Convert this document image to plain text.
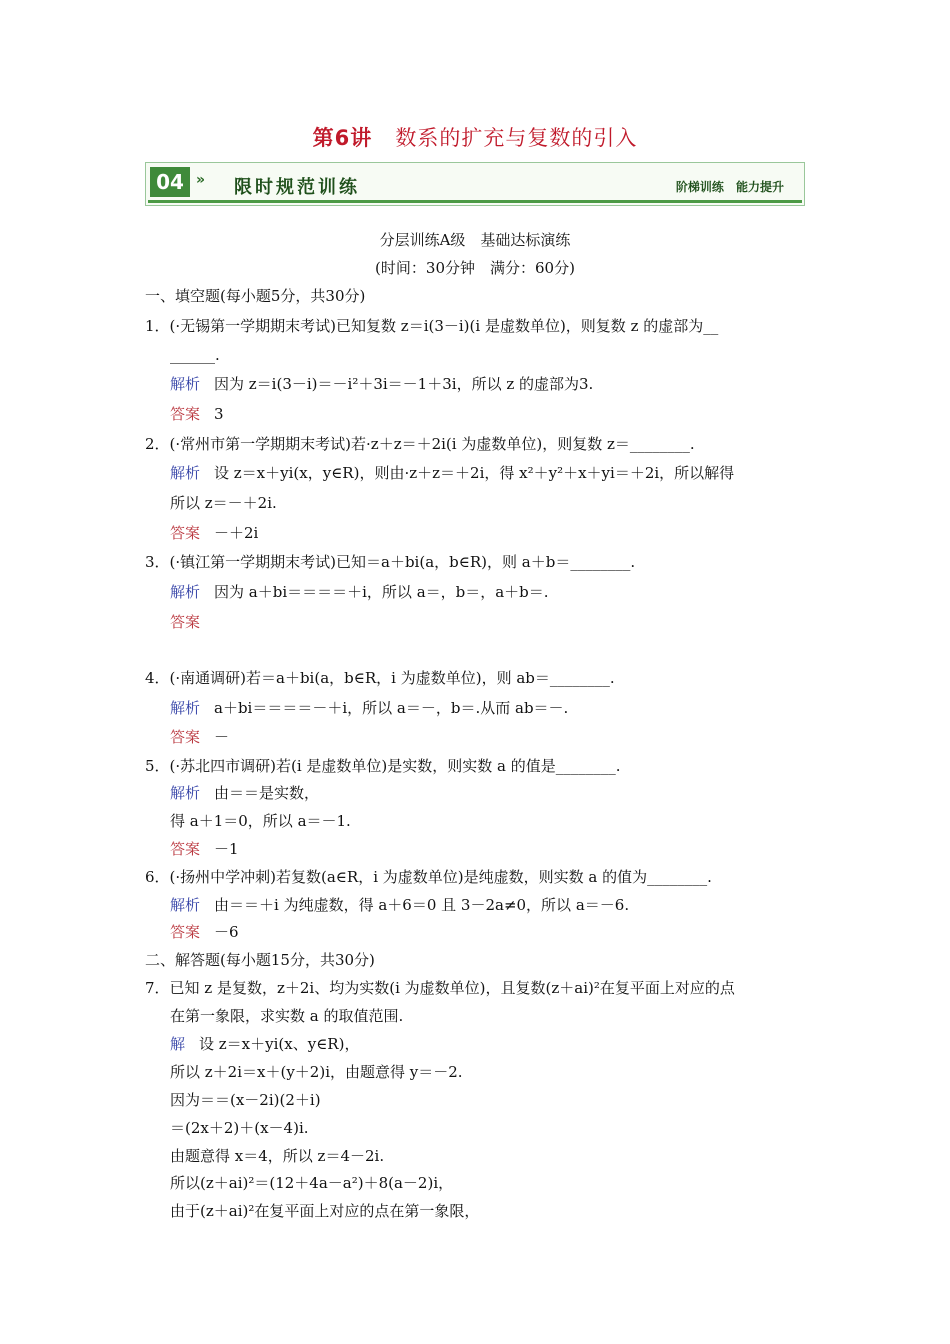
第6讲 数系的扩充与复数的引入
04 » 限时规范训练	阶梯训练 能力提升
分层训练A级　基础达标演练
(时间：30分钟　满分：60分)
一、填空题(每小题5分，共30分)
1．(·无锡第一学期期末考试)已知复数 z＝i(3－i)(i 是虚数单位)，则复数 z 的虚部为__
______.
解析 因为 z＝i(3－i)＝－i²＋3i＝－1＋3i，所以 z 的虚部为3.
答案 3
2．(·常州市第一学期期末考试)若·z＋z＝＋2i(i 为虚数单位)，则复数 z＝________.
解析 设 z＝x＋yi(x，y∈R)，则由·z＋z＝＋2i，得 x²＋y²＋x＋yi＝＋2i，所以解得
所以 z＝－＋2i.
答案 －＋2i
3．(·镇江第一学期期末考试)已知＝a＋bi(a，b∈R)，则 a＋b＝________.
解析 因为 a＋bi＝＝＝＝＋i，所以 a＝，b＝，a＋b＝.
答案
4．(·南通调研)若＝a＋bi(a，b∈R，i 为虚数单位)，则 ab＝________.
解析 a＋bi＝＝＝＝－＋i，所以 a＝－，b＝.从而 ab＝－.
答案 －
5．(·苏北四市调研)若(i 是虚数单位)是实数，则实数 a 的值是________.
解析 由＝＝是实数，
得 a＋1＝0，所以 a＝－1.
答案 －1
6．(·扬州中学冲刺)若复数(a∈R，i 为虚数单位)是纯虚数，则实数 a 的值为________.
解析 由＝＝＋i 为纯虚数，得 a＋6＝0 且 3－2a≠0，所以 a＝－6.
答案 －6
二、解答题(每小题15分，共30分)
7．已知 z 是复数，z＋2i、均为实数(i 为虚数单位)，且复数(z＋ai)²在复平面上对应的点
在第一象限，求实数 a 的取值范围.
解 设 z＝x＋yi(x、y∈R)，
所以 z＋2i＝x＋(y＋2)i，由题意得 y＝－2.
因为＝＝(x－2i)(2＋i)
＝(2x＋2)＋(x－4)i.
由题意得 x＝4，所以 z＝4－2i.
所以(z＋ai)²＝(12＋4a－a²)＋8(a－2)i，
由于(z＋ai)²在复平面上对应的点在第一象限，
